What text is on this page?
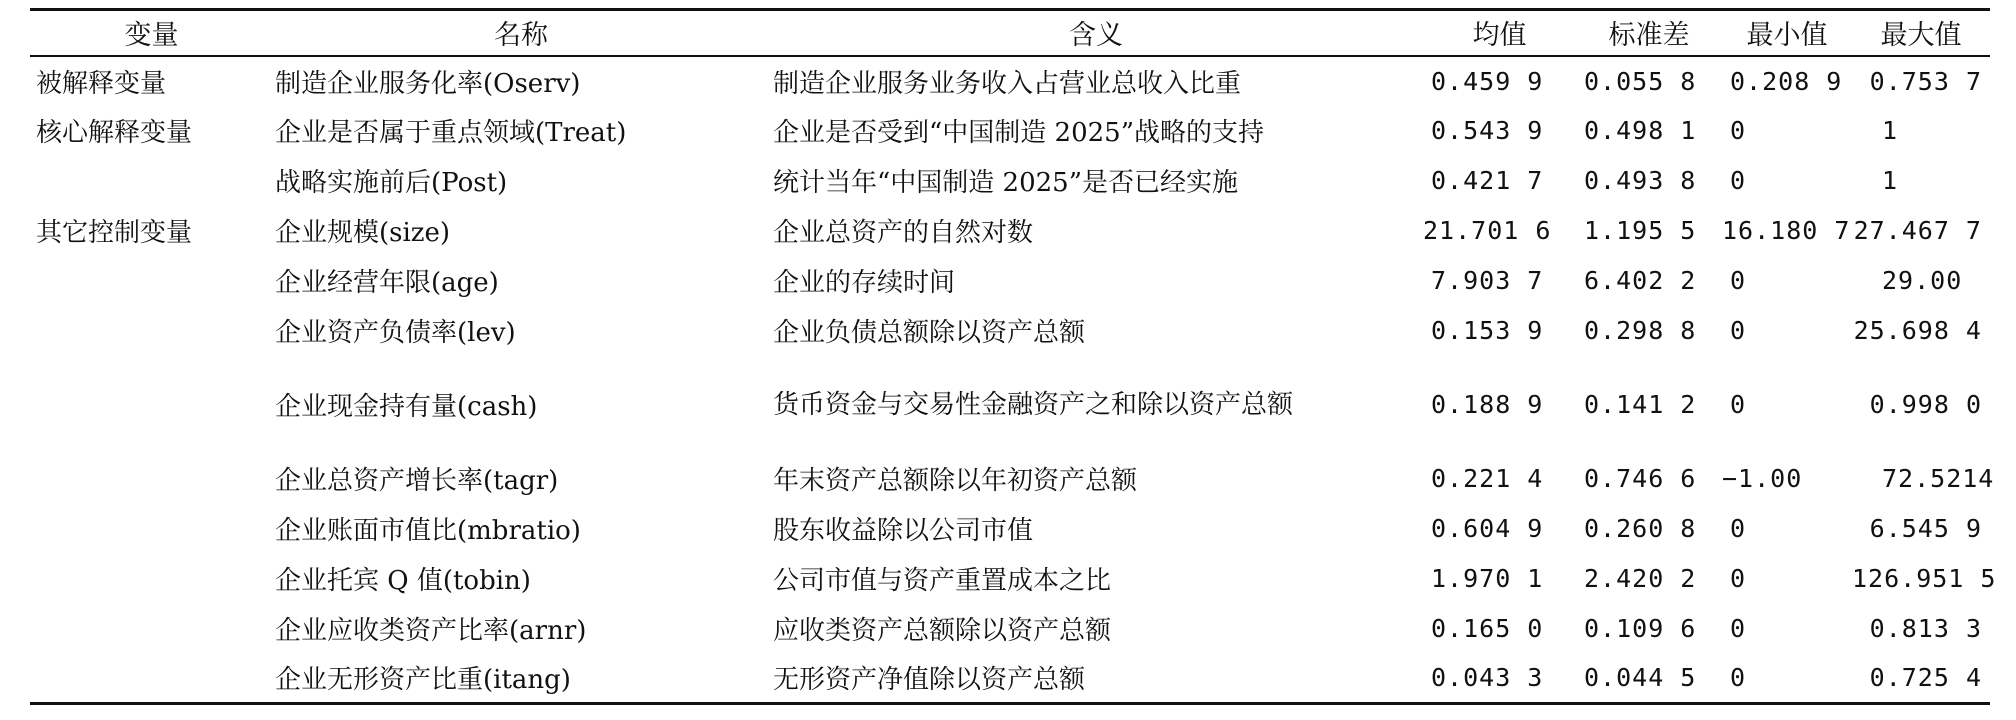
变量	名称	含义	均值	标准差	最小值	最大值
被解释变量	制造企业服务化率(Oserv)	制造企业服务业务收入占营业总收入比重	0.459 9	0.055 8	0.208 9	0.753 7
核心解释变量	企业是否属于重点领域(Treat)	企业是否受到“中国制造 2025”战略的支持	0.543 9	0.498 1	0	1
	战略实施前后(Post)	统计当年“中国制造 2025”是否已经实施	0.421 7	0.493 8	0	1
其它控制变量	企业规模(size)	企业总资产的自然对数	21.701 6	1.195 5	16.180 7	27.467 7
	企业经营年限(age)	企业的存续时间	7.903 7	6.402 2	0	29.00
	企业资产负债率(lev)	企业负债总额除以资产总额	0.153 9	0.298 8	0	25.698 4
	企业现金持有量(cash)	货币资金与交易性金融资产之和除以资产总额	0.188 9	0.141 2	0	0.998 0
	企业总资产增长率(tagr)	年末资产总额除以年初资产总额	0.221 4	0.746 6	−1.00	72.5214
	企业账面市值比(mbratio)	股东收益除以公司市值	0.604 9	0.260 8	0	6.545 9
	企业托宾 Q 值(tobin)	公司市值与资产重置成本之比	1.970 1	2.420 2	0	126.951 5
	企业应收类资产比率(arnr)	应收类资产总额除以资产总额	0.165 0	0.109 6	0	0.813 3
	企业无形资产比重(itang)	无形资产净值除以资产总额	0.043 3	0.044 5	0	0.725 4
